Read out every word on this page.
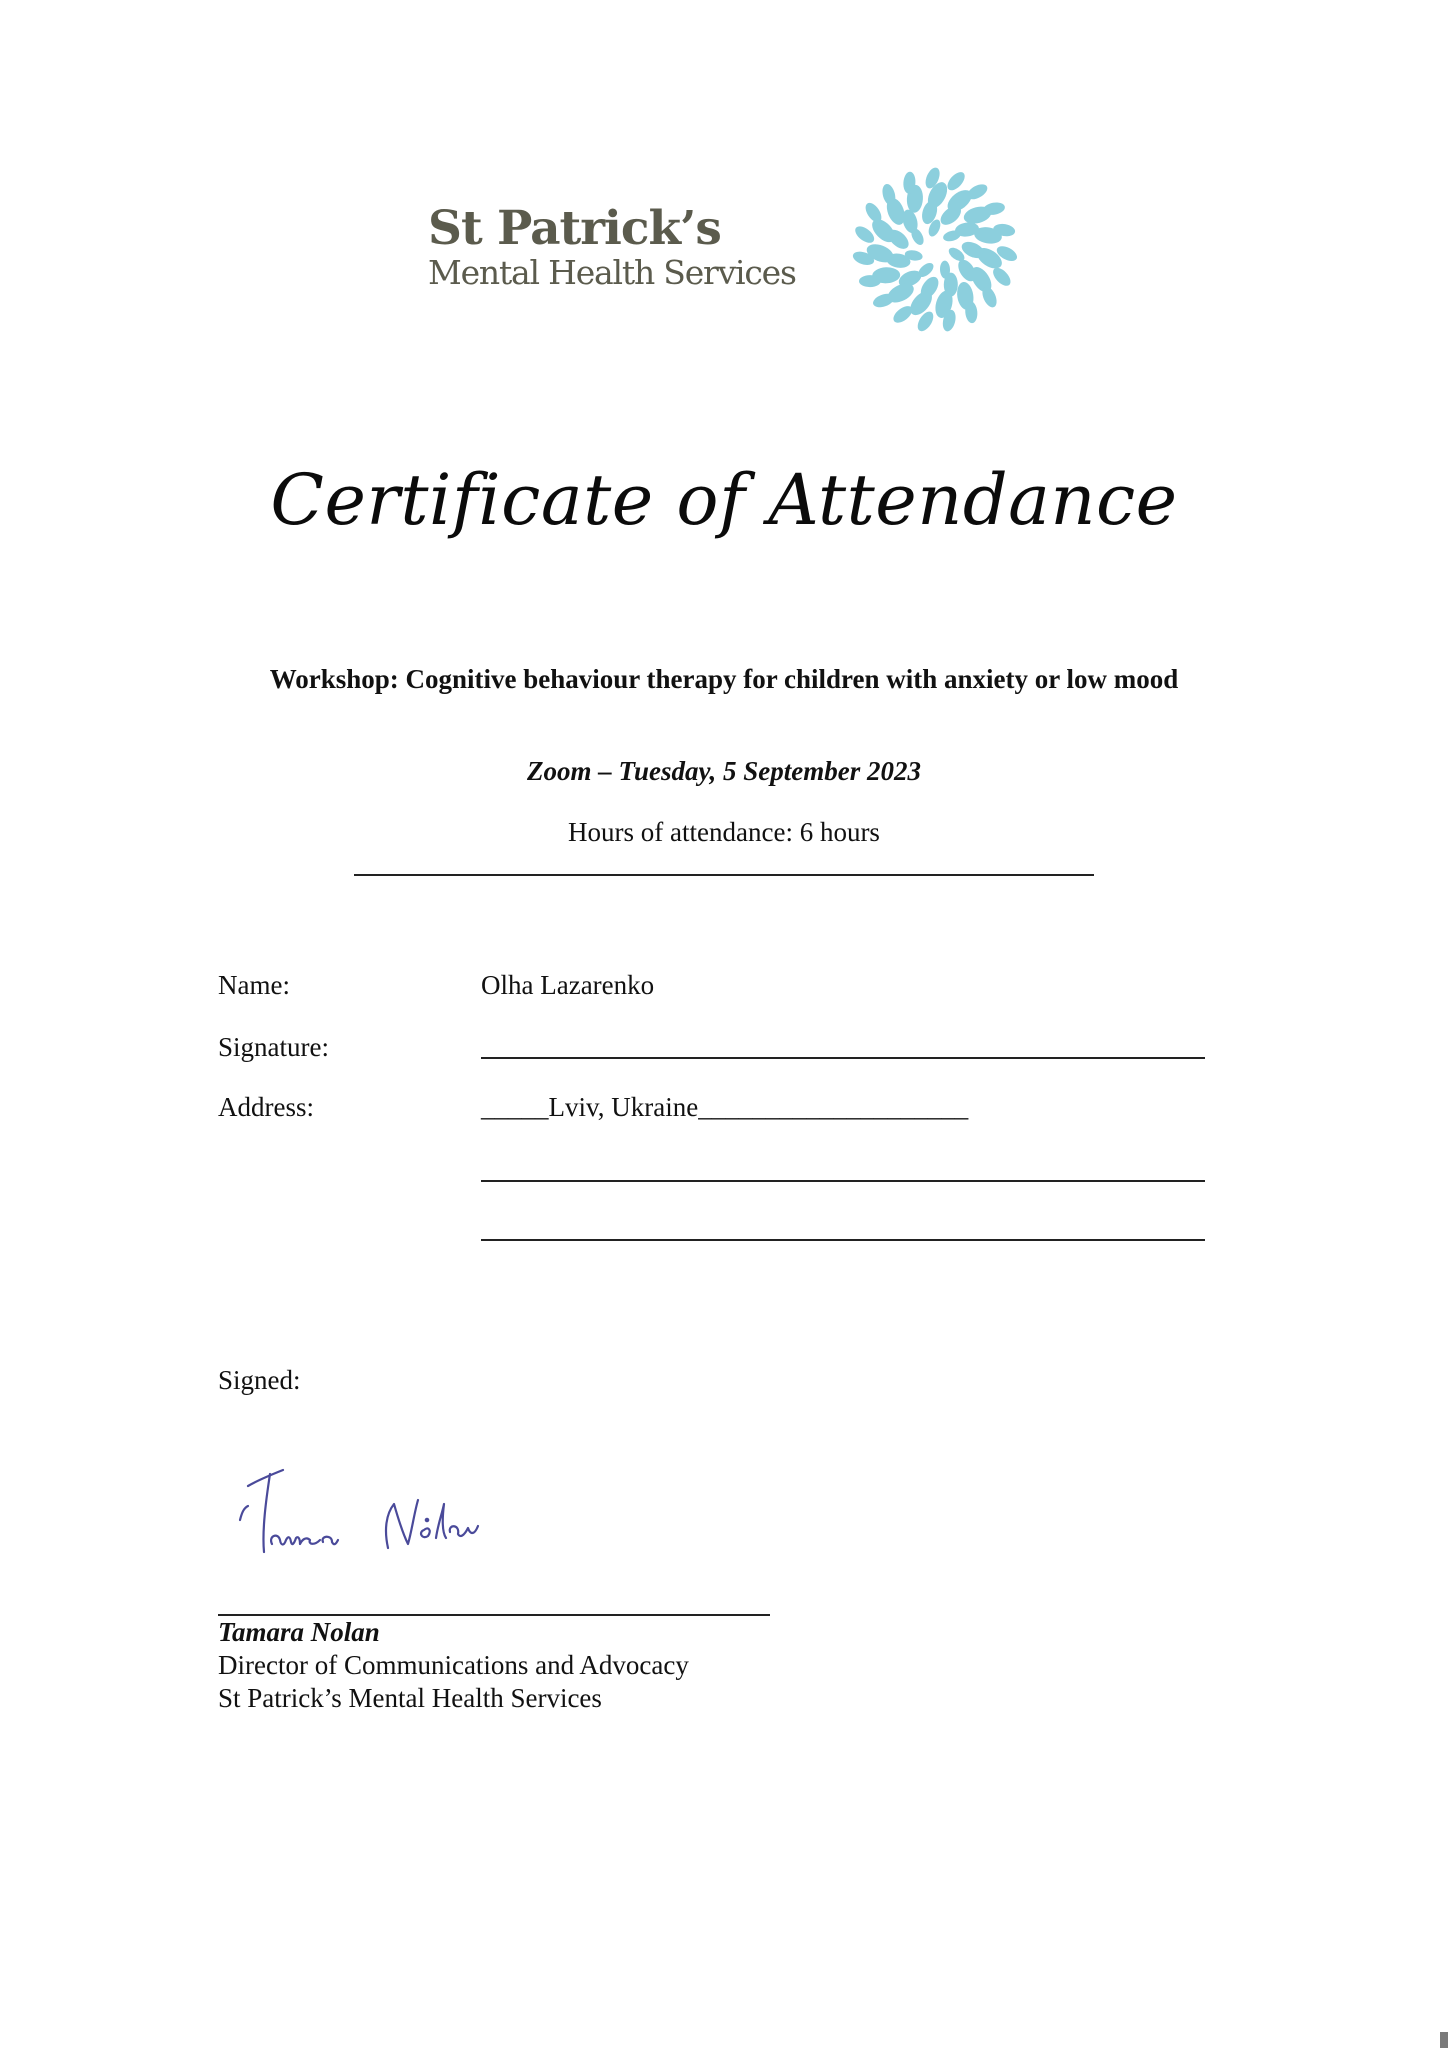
St Patrick’s
Mental Health Services
Certificate of Attendance
Workshop: Cognitive behaviour therapy for children with anxiety or low mood
Zoom – Tuesday, 5 September 2023
Hours of attendance: 6 hours
Name:	Olha Lazarenko
Signature:
Address:	_____Lviv, Ukraine____________________
Signed:
Tamara Nolan
Director of Communications and Advocacy
St Patrick’s Mental Health Services
